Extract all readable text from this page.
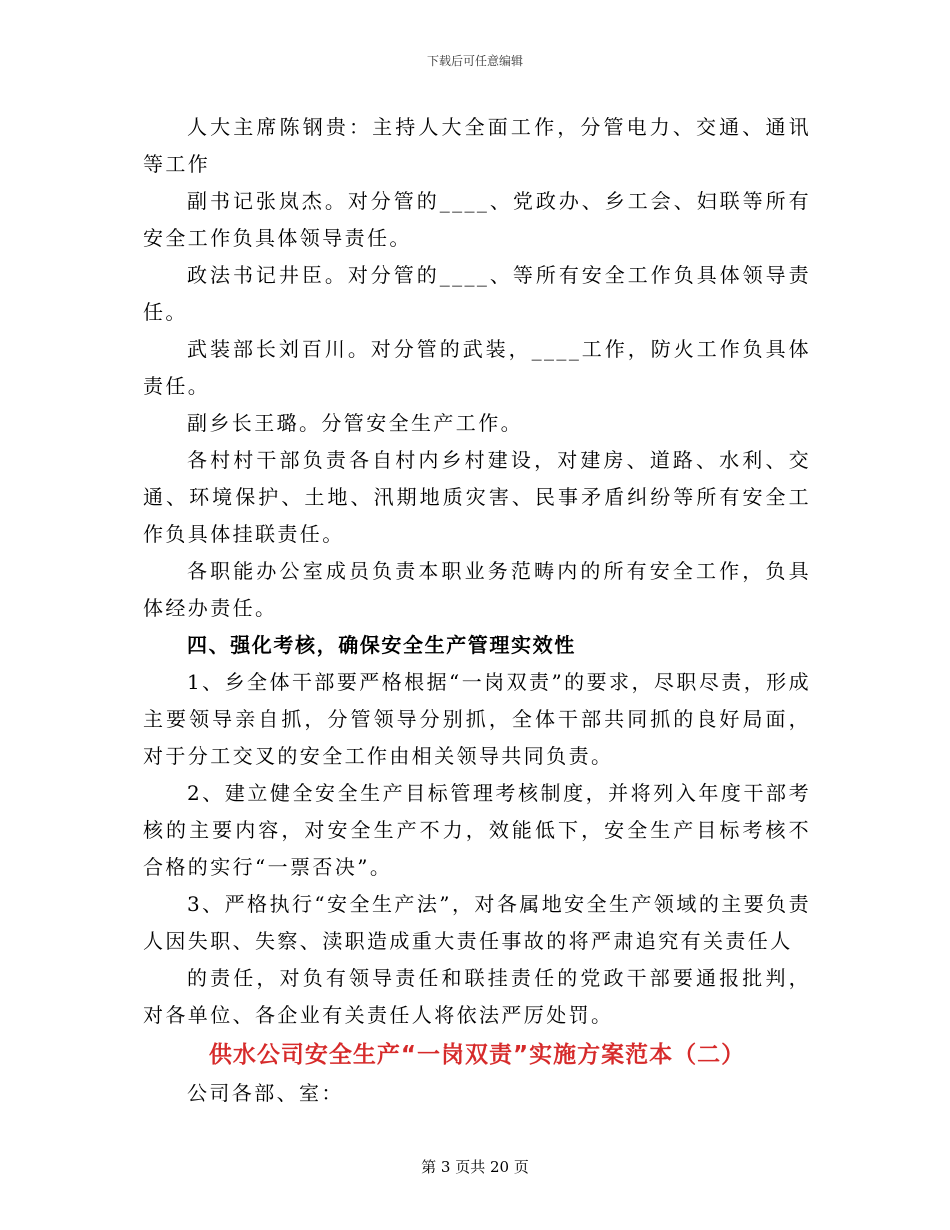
下载后可任意编辑

人大主席陈钢贵：主持人大全面工作，分管电力、交通、通讯等工作

副书记张岚杰。对分管的____、党政办、乡工会、妇联等所有安全工作负具体领导责任。

政法书记井臣。对分管的____、等所有安全工作负具体领导责任。

武装部长刘百川。对分管的武装，____工作，防火工作负具体责任。

副乡长王璐。分管安全生产工作。

各村村干部负责各自村内乡村建设，对建房、道路、水利、交通、环境保护、土地、汛期地质灾害、民事矛盾纠纷等所有安全工作负具体挂联责任。

各职能办公室成员负责本职业务范畴内的所有安全工作，负具体经办责任。

四、强化考核，确保安全生产管理实效性

1、乡全体干部要严格根据“一岗双责”的要求，尽职尽责，形成主要领导亲自抓，分管领导分别抓，全体干部共同抓的良好局面，对于分工交叉的安全工作由相关领导共同负责。

2、建立健全安全生产目标管理考核制度，并将列入年度干部考核的主要内容，对安全生产不力，效能低下，安全生产目标考核不合格的实行“一票否决”。

3、严格执行“安全生产法”，对各属地安全生产领域的主要负责人因失职、失察、渎职造成重大责任事故的将严肃追究有关责任人

的责任，对负有领导责任和联挂责任的党政干部要通报批判，对各单位、各企业有关责任人将依法严厉处罚。

供水公司安全生产“一岗双责”实施方案范本（二）

公司各部、室：

第 3 页共 20 页
